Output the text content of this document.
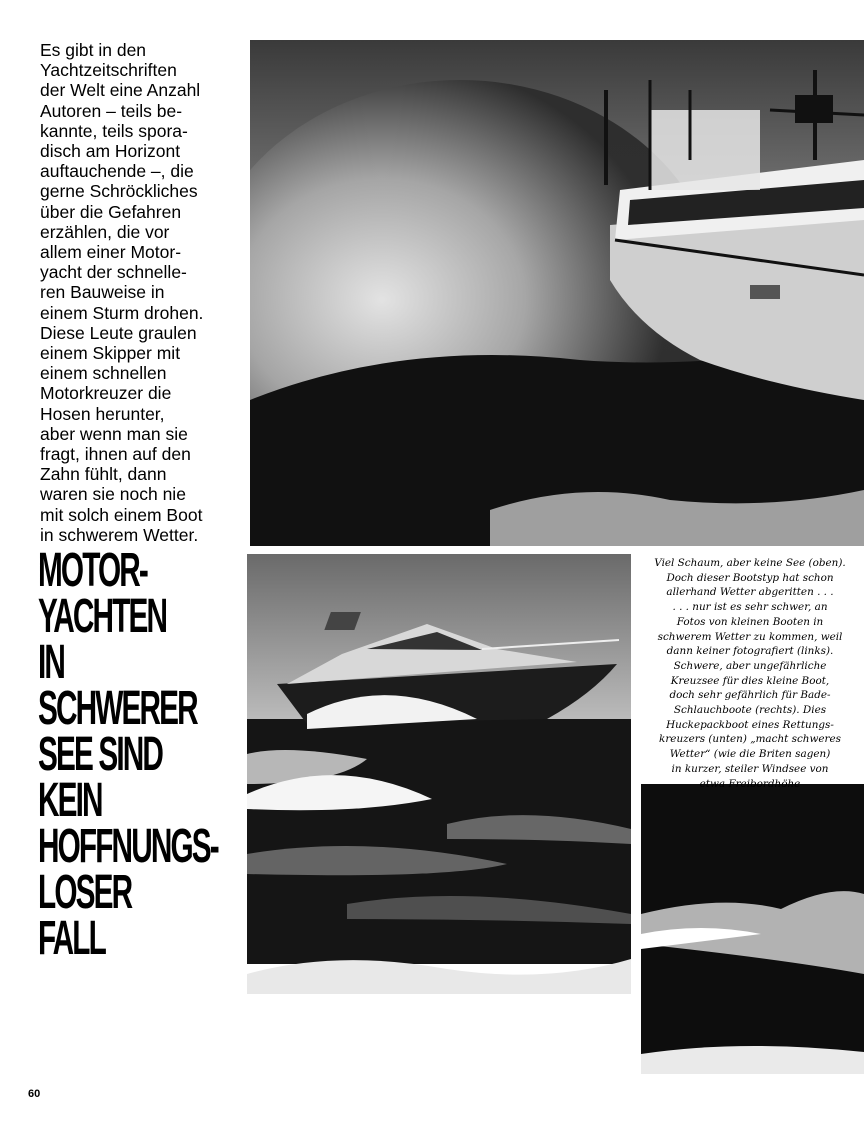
Es gibt in den
Yachtzeitschriften
der Welt eine Anzahl
Autoren – teils be-
kannte, teils spora-
disch am Horizont
auftauchende –, die
gerne Schröckliches
über die Gefahren
erzählen, die vor
allem einer Motor-
yacht der schnelle-
ren Bauweise in
einem Sturm drohen.
Diese Leute graulen
einem Skipper mit
einem schnellen
Motorkreuzer die
Hosen herunter,
aber wenn man sie
fragt, ihnen auf den
Zahn fühlt, dann
waren sie noch nie
mit solch einem Boot
in schwerem Wetter.
MOTOR-
YACHTEN
IN
SCHWERER
SEE SIND
KEIN
HOFFNUNGS-
LOSER
FALL
Viel Schaum, aber keine See (oben).
Doch dieser Bootstyp hat schon
allerhand Wetter abgeritten . . .
. . . nur ist es sehr schwer, an
Fotos von kleinen Booten in
schwerem Wetter zu kommen, weil
dann keiner fotografiert (links).
Schwere, aber ungefährliche
Kreuzsee für dies kleine Boot,
doch sehr gefährlich für Bade-
Schlauchboote (rechts). Dies
Huckepackboot eines Rettungs-
kreuzers (unten) „macht schweres
Wetter“ (wie die Briten sagen)
in kurzer, steiler Windsee von
etwa Freibordhöhe
60
